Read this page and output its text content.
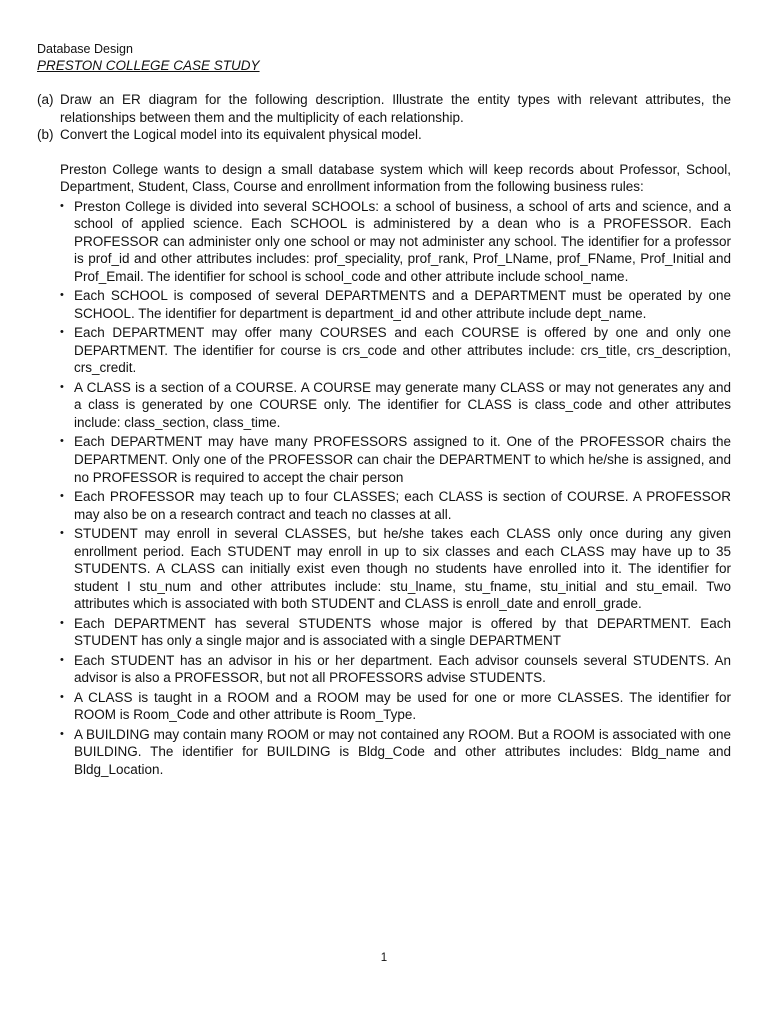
Database Design
PRESTON COLLEGE CASE STUDY
(a) Draw an ER diagram for the following description. Illustrate the entity types with relevant attributes, the relationships between them and the multiplicity of each relationship.
(b) Convert the Logical model into its equivalent physical model.
Preston College wants to design a small database system which will keep records about Professor, School, Department, Student, Class, Course and enrollment information from the following business rules:
• Preston College is divided into several SCHOOLs: a school of business, a school of arts and science, and a school of applied science. Each SCHOOL is administered by a dean who is a PROFESSOR. Each PROFESSOR can administer only one school or may not administer any school. The identifier for a professor is prof_id and other attributes includes: prof_speciality, prof_rank, Prof_LName, prof_FName, Prof_Initial and Prof_Email. The identifier for school is school_code and other attribute include school_name.
• Each SCHOOL is composed of several DEPARTMENTS and a DEPARTMENT must be operated by one SCHOOL. The identifier for department is department_id and other attribute include dept_name.
• Each DEPARTMENT may offer many COURSES and each COURSE is offered by one and only one DEPARTMENT. The identifier for course is crs_code and other attributes include: crs_title, crs_description, crs_credit.
• A CLASS is a section of a COURSE. A COURSE may generate many CLASS or may not generates any and a class is generated by one COURSE only. The identifier for CLASS is class_code and other attributes include: class_section, class_time.
• Each DEPARTMENT may have many PROFESSORS assigned to it. One of the PROFESSOR chairs the DEPARTMENT. Only one of the PROFESSOR can chair the DEPARTMENT to which he/she is assigned, and no PROFESSOR is required to accept the chair person
• Each PROFESSOR may teach up to four CLASSES; each CLASS is section of COURSE. A PROFESSOR may also be on a research contract and teach no classes at all.
• STUDENT may enroll in several CLASSES, but he/she takes each CLASS only once during any given enrollment period. Each STUDENT may enroll in up to six classes and each CLASS may have up to 35 STUDENTS. A CLASS can initially exist even though no students have enrolled into it. The identifier for student I stu_num and other attributes include: stu_lname, stu_fname, stu_initial and stu_email. Two attributes which is associated with both STUDENT and CLASS is enroll_date and enroll_grade.
• Each DEPARTMENT has several STUDENTS whose major is offered by that DEPARTMENT. Each STUDENT has only a single major and is associated with a single DEPARTMENT
• Each STUDENT has an advisor in his or her department. Each advisor counsels several STUDENTS. An advisor is also a PROFESSOR, but not all PROFESSORS advise STUDENTS.
• A CLASS is taught in a ROOM and a ROOM may be used for one or more CLASSES. The identifier for ROOM is Room_Code and other attribute is Room_Type.
• A BUILDING may contain many ROOM or may not contained any ROOM. But a ROOM is associated with one BUILDING. The identifier for BUILDING is Bldg_Code and other attributes includes: Bldg_name and Bldg_Location.
1
